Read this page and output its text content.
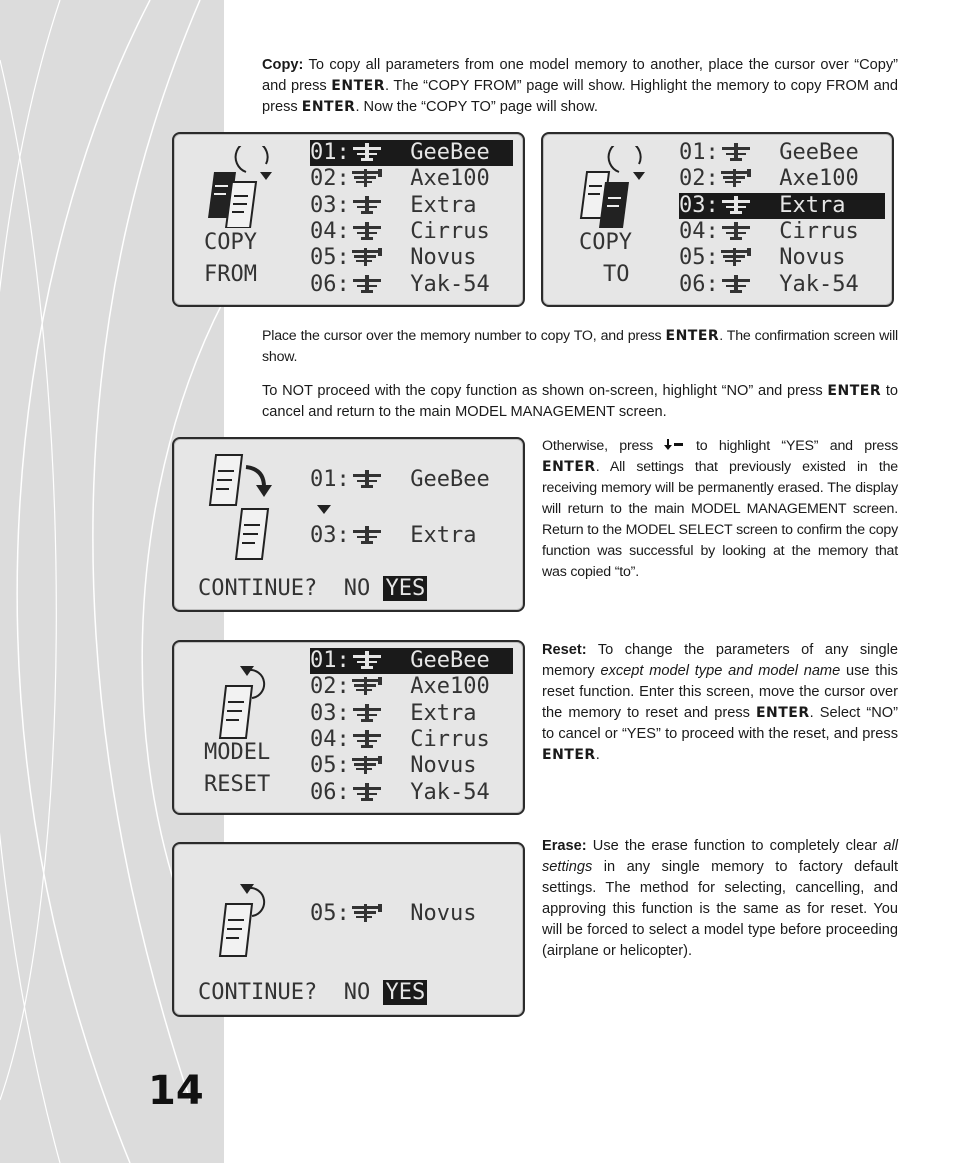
14
Copy: To copy all parameters from one model memory to another, place the cursor over “Copy” and press ENTER. The “COPY FROM” page will show. Highlight the memory to copy FROM and press ENTER. Now the “COPY TO” page will show.
COPY
FROM
01:	GeeBee
02:	Axe100
03:	Extra
04:	Cirrus
05:	Novus
06:	Yak-54
COPY
TO
01:	GeeBee
02:	Axe100
03:	Extra
04:	Cirrus
05:	Novus
06:	Yak-54
Place the cursor over the memory number to copy TO, and press ENTER. The confirmation screen will show.
To NOT proceed with the copy function as shown on-screen, highlight “NO” and press ENTER to cancel and return to the main MODEL MANAGEMENT screen.
01:	GeeBee
03:	Extra
CONTINUE? NO YES
Otherwise, press  to highlight “YES” and press ENTER. All settings that previously existed in the receiving memory will be permanently erased. The display will return to the main MODEL MANAGEMENT screen. Return to the MODEL SELECT screen to confirm the copy function was successful by looking at the memory that was copied “to”.
MODEL
RESET
01:	GeeBee
02:	Axe100
03:	Extra
04:	Cirrus
05:	Novus
06:	Yak-54
Reset: To change the parameters of any single memory except model type and model name use this reset function. Enter this screen, move the cursor over the memory to reset and press ENTER. Select “NO” to cancel or “YES” to proceed with the reset, and press ENTER.
05:	Novus
CONTINUE? NO YES
Erase: Use the erase function to completely clear all settings in any single memory to factory default settings. The method for selecting, cancelling, and approving this function is the same as for reset. You will be forced to select a model type before proceeding (airplane or helicopter).
